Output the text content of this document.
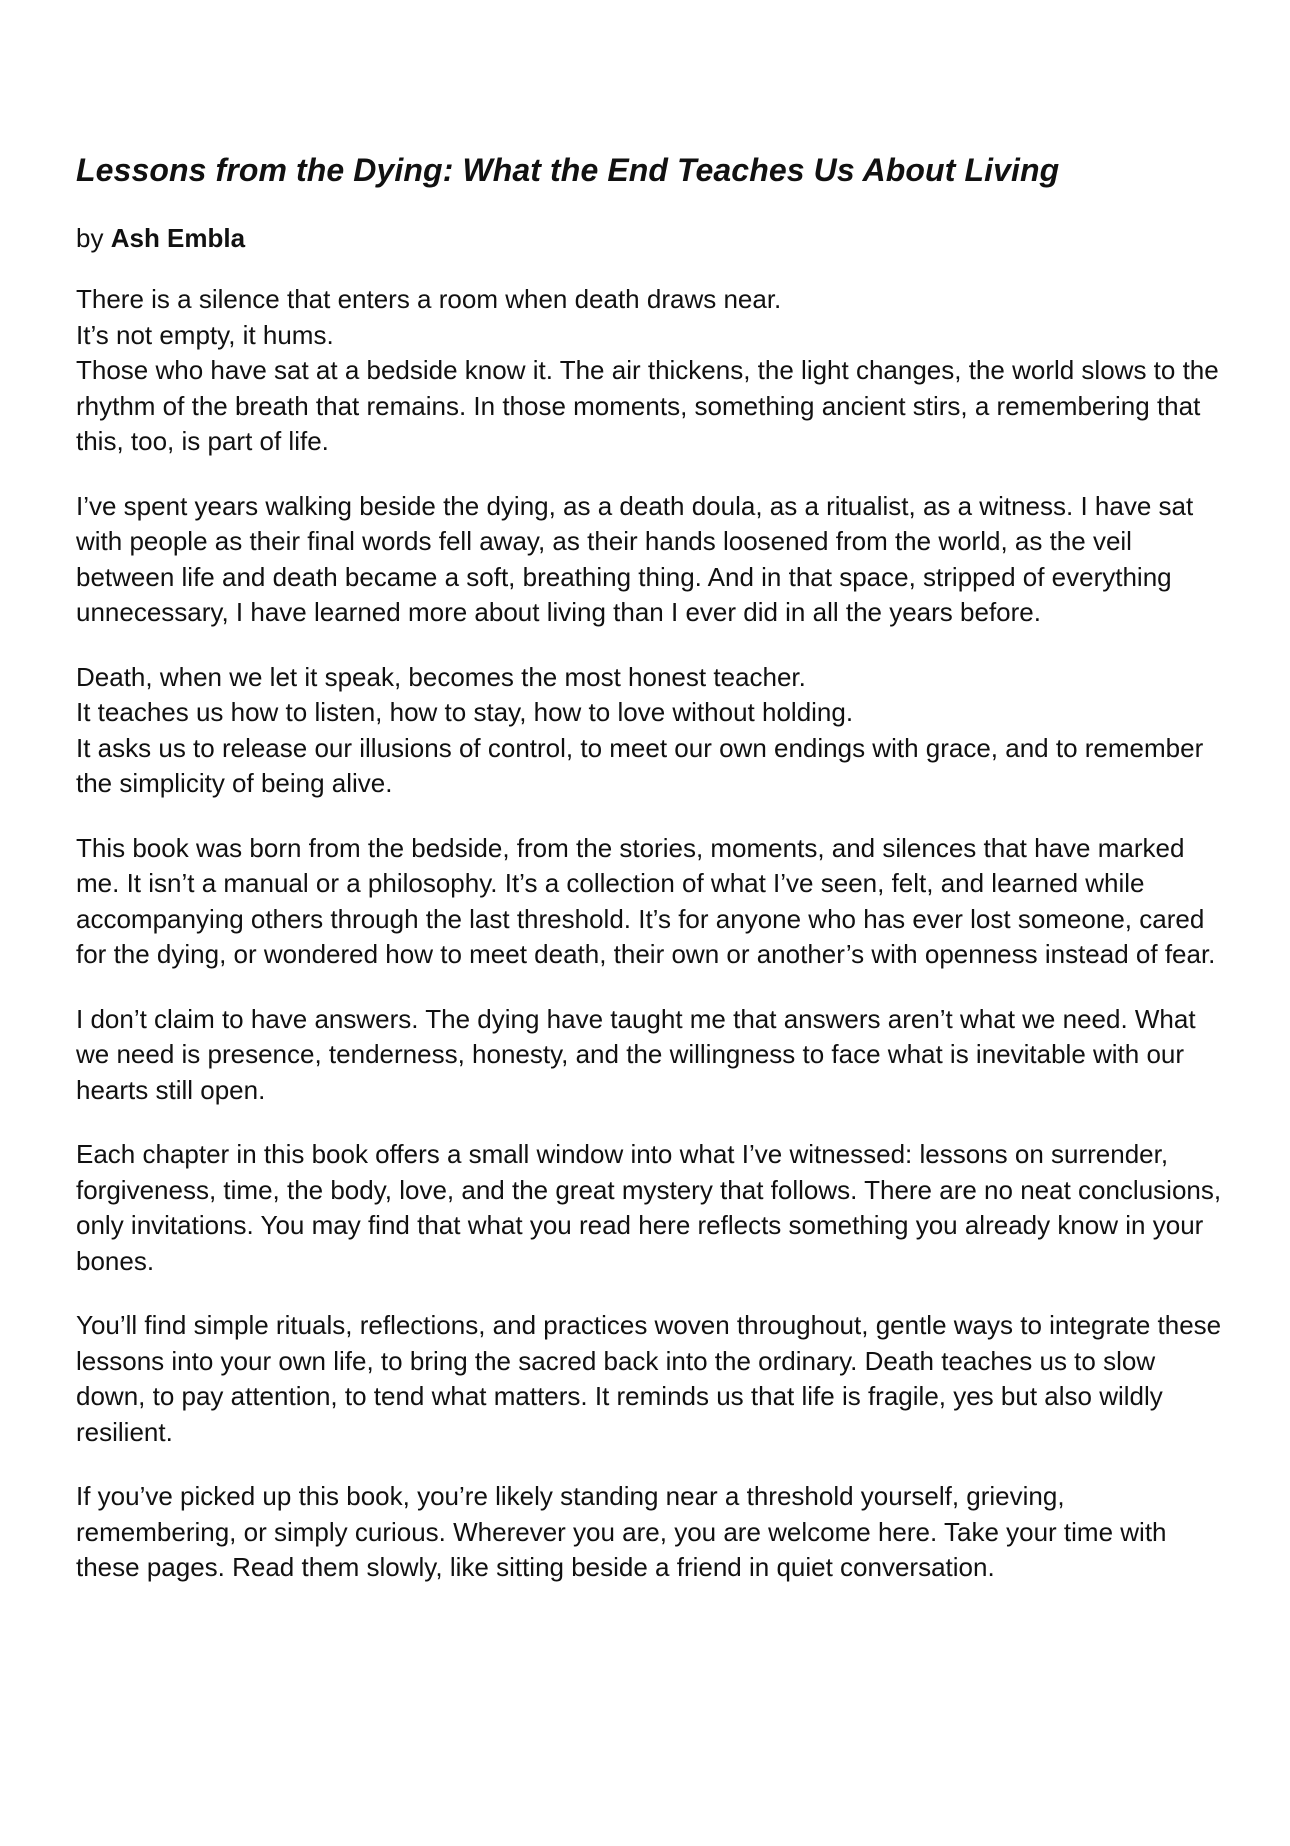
Lessons from the Dying: What the End Teaches Us About Living

by Ash Embla

There is a silence that enters a room when death draws near.
It’s not empty, it hums.
Those who have sat at a bedside know it. The air thickens, the light changes, the world slows to the rhythm of the breath that remains. In those moments, something ancient stirs, a remembering that this, too, is part of life.

I’ve spent years walking beside the dying, as a death doula, as a ritualist, as a witness. I have sat with people as their final words fell away, as their hands loosened from the world, as the veil between life and death became a soft, breathing thing. And in that space, stripped of everything unnecessary, I have learned more about living than I ever did in all the years before.

Death, when we let it speak, becomes the most honest teacher.
It teaches us how to listen, how to stay, how to love without holding.
It asks us to release our illusions of control, to meet our own endings with grace, and to remember the simplicity of being alive.

This book was born from the bedside, from the stories, moments, and silences that have marked me. It isn’t a manual or a philosophy. It’s a collection of what I’ve seen, felt, and learned while accompanying others through the last threshold. It’s for anyone who has ever lost someone, cared for the dying, or wondered how to meet death, their own or another’s with openness instead of fear.

I don’t claim to have answers. The dying have taught me that answers aren’t what we need. What we need is presence, tenderness, honesty, and the willingness to face what is inevitable with our hearts still open.

Each chapter in this book offers a small window into what I’ve witnessed: lessons on surrender, forgiveness, time, the body, love, and the great mystery that follows. There are no neat conclusions, only invitations. You may find that what you read here reflects something you already know in your bones.

You’ll find simple rituals, reflections, and practices woven throughout, gentle ways to integrate these lessons into your own life, to bring the sacred back into the ordinary. Death teaches us to slow down, to pay attention, to tend what matters. It reminds us that life is fragile, yes but also wildly resilient.

If you’ve picked up this book, you’re likely standing near a threshold yourself, grieving, remembering, or simply curious. Wherever you are, you are welcome here. Take your time with these pages. Read them slowly, like sitting beside a friend in quiet conversation.
